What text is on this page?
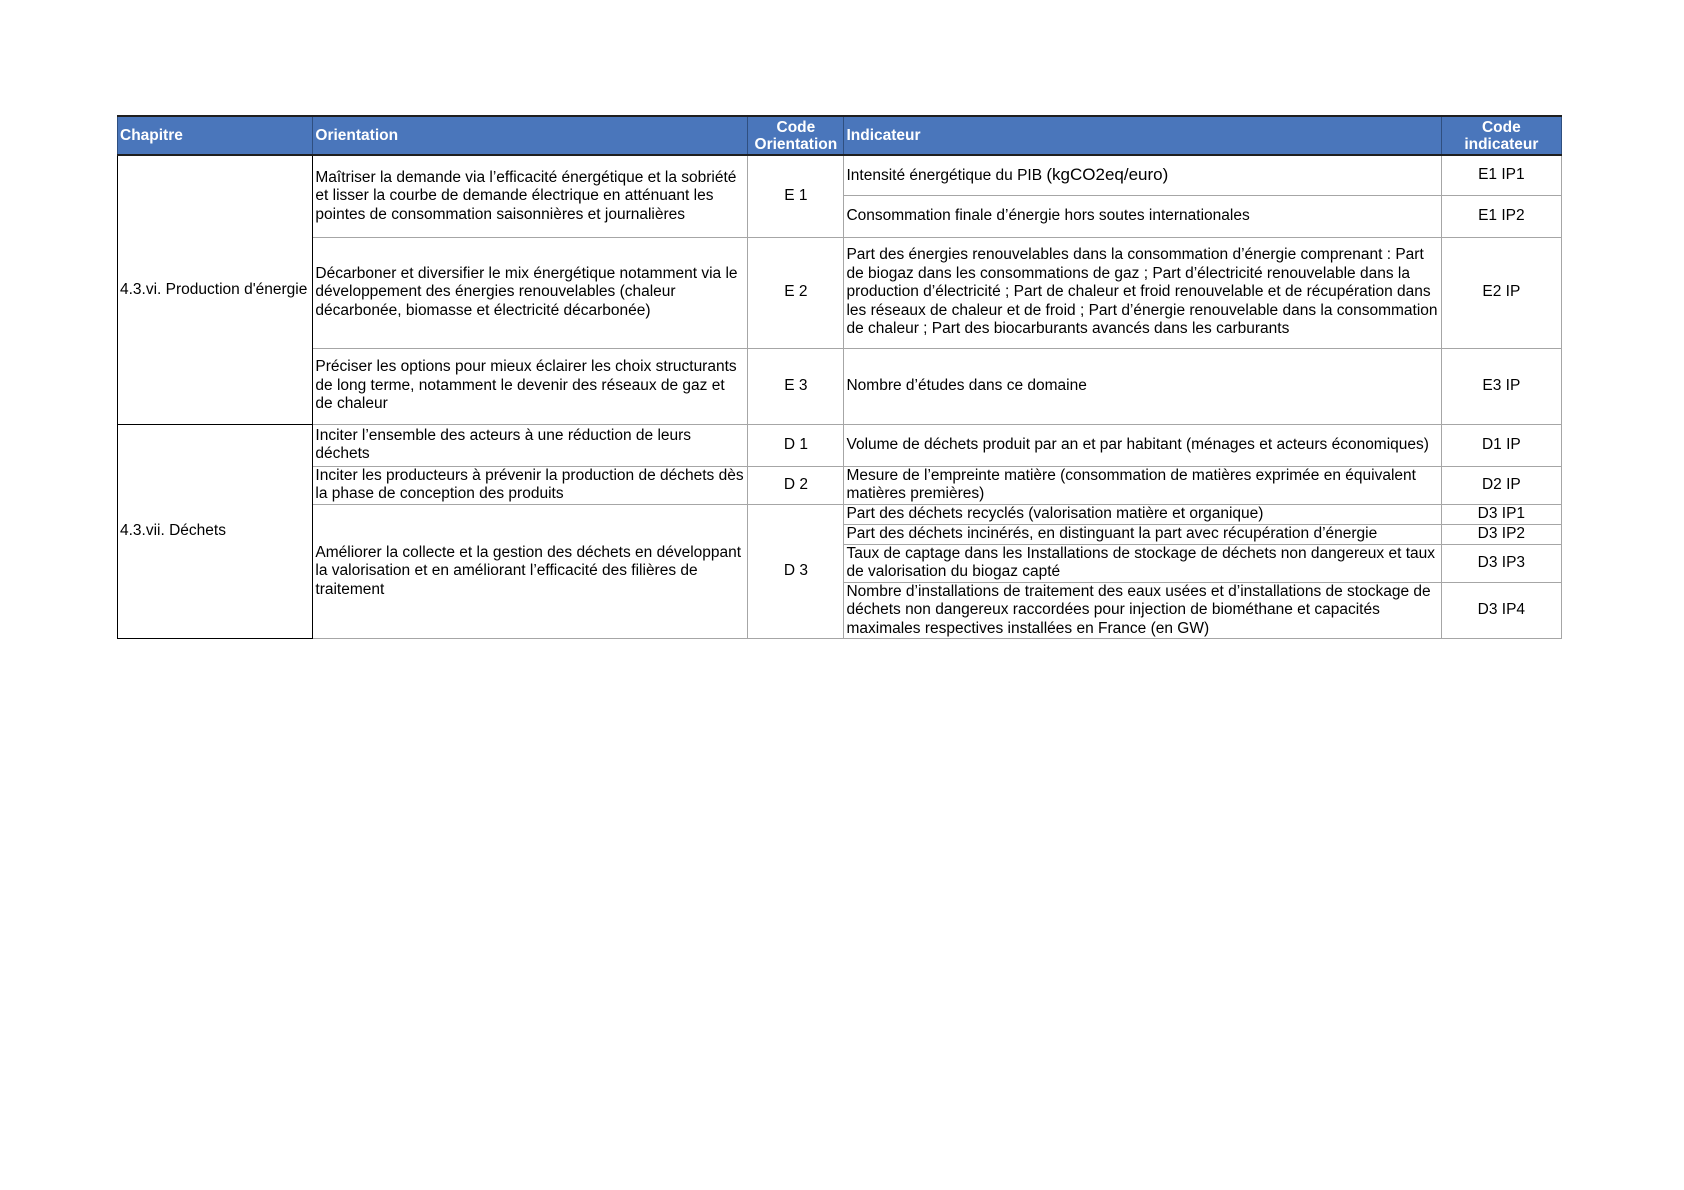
Chapitre	Orientation	Code Orientation	Indicateur	Code indicateur
4.3.vi. Production d'énergie	Maîtriser la demande via l’efficacité énergétique et la sobriété et lisser la courbe de demande électrique en atténuant les pointes de consommation saisonnières et journalières	E 1	Intensité énergétique du PIB (kgCO2eq/euro)	E1 IP1
			Consommation finale d’énergie hors soutes internationales	E1 IP2
	Décarboner et diversifier le mix énergétique notamment via le développement des énergies renouvelables (chaleur décarbonée, biomasse et électricité décarbonée)	E 2	Part des énergies renouvelables dans la consommation d’énergie comprenant : Part de biogaz dans les consommations de gaz ; Part d’électricité renouvelable dans la production d’électricité ; Part de chaleur et froid renouvelable et de récupération dans les réseaux de chaleur et de froid ; Part d’énergie renouvelable dans la consommation de chaleur ; Part des biocarburants avancés dans les carburants	E2 IP
	Préciser les options pour mieux éclairer les choix structurants de long terme, notamment le devenir des réseaux de gaz et de chaleur	E 3	Nombre d’études dans ce domaine	E3 IP
4.3.vii. Déchets	Inciter l’ensemble des acteurs à une réduction de leurs déchets	D 1	Volume de déchets produit par an et par habitant (ménages et acteurs économiques)	D1 IP
	Inciter les producteurs à prévenir la production de déchets dès la phase de conception des produits	D 2	Mesure de l’empreinte matière (consommation de matières exprimée en équivalent matières premières)	D2 IP
	Améliorer la collecte et la gestion des déchets en développant la valorisation et en améliorant l’efficacité des filières de traitement	D 3	Part des déchets recyclés (valorisation matière et organique)	D3 IP1
			Part des déchets incinérés, en distinguant la part avec récupération d’énergie	D3 IP2
			Taux de captage dans les Installations de stockage de déchets non dangereux et taux de valorisation du biogaz capté	D3 IP3
			Nombre d’installations de traitement des eaux usées et d’installations de stockage de déchets non dangereux raccordées pour injection de biométhane et capacités maximales respectives installées en France (en GW)	D3 IP4
